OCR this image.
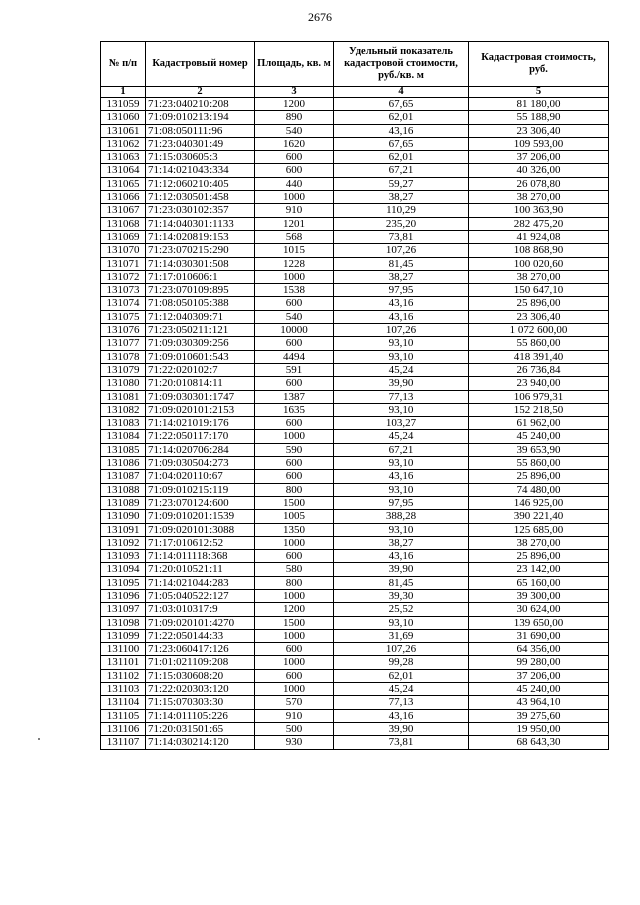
2676
№ п/п	Кадастровый номер	Площадь, кв. м	Удельный показатель кадастровой стоимости, руб./кв. м	Кадастровая стоимость, руб.
1	2	3	4	5
131059	71:23:040210:208	1200	67,65	81 180,00
131060	71:09:010213:194	890	62,01	55 188,90
131061	71:08:050111:96	540	43,16	23 306,40
131062	71:23:040301:49	1620	67,65	109 593,00
131063	71:15:030605:3	600	62,01	37 206,00
131064	71:14:021043:334	600	67,21	40 326,00
131065	71:12:060210:405	440	59,27	26 078,80
131066	71:12:030501:458	1000	38,27	38 270,00
131067	71:23:030102:357	910	110,29	100 363,90
131068	71:14:040301:1133	1201	235,20	282 475,20
131069	71:14:020819:153	568	73,81	41 924,08
131070	71:23:070215:290	1015	107,26	108 868,90
131071	71:14:030301:508	1228	81,45	100 020,60
131072	71:17:010606:1	1000	38,27	38 270,00
131073	71:23:070109:895	1538	97,95	150 647,10
131074	71:08:050105:388	600	43,16	25 896,00
131075	71:12:040309:71	540	43,16	23 306,40
131076	71:23:050211:121	10000	107,26	1 072 600,00
131077	71:09:030309:256	600	93,10	55 860,00
131078	71:09:010601:543	4494	93,10	418 391,40
131079	71:22:020102:7	591	45,24	26 736,84
131080	71:20:010814:11	600	39,90	23 940,00
131081	71:09:030301:1747	1387	77,13	106 979,31
131082	71:09:020101:2153	1635	93,10	152 218,50
131083	71:14:021019:176	600	103,27	61 962,00
131084	71:22:050117:170	1000	45,24	45 240,00
131085	71:14:020706:284	590	67,21	39 653,90
131086	71:09:030504:273	600	93,10	55 860,00
131087	71:04:020110:67	600	43,16	25 896,00
131088	71:09:010215:119	800	93,10	74 480,00
131089	71:23:070124:600	1500	97,95	146 925,00
131090	71:09:010201:1539	1005	388,28	390 221,40
131091	71:09:020101:3088	1350	93,10	125 685,00
131092	71:17:010612:52	1000	38,27	38 270,00
131093	71:14:011118:368	600	43,16	25 896,00
131094	71:20:010521:11	580	39,90	23 142,00
131095	71:14:021044:283	800	81,45	65 160,00
131096	71:05:040522:127	1000	39,30	39 300,00
131097	71:03:010317:9	1200	25,52	30 624,00
131098	71:09:020101:4270	1500	93,10	139 650,00
131099	71:22:050144:33	1000	31,69	31 690,00
131100	71:23:060417:126	600	107,26	64 356,00
131101	71:01:021109:208	1000	99,28	99 280,00
131102	71:15:030608:20	600	62,01	37 206,00
131103	71:22:020303:120	1000	45,24	45 240,00
131104	71:15:070303:30	570	77,13	43 964,10
131105	71:14:011105:226	910	43,16	39 275,60
131106	71:20:031501:65	500	39,90	19 950,00
131107	71:14:030214:120	930	73,81	68 643,30
